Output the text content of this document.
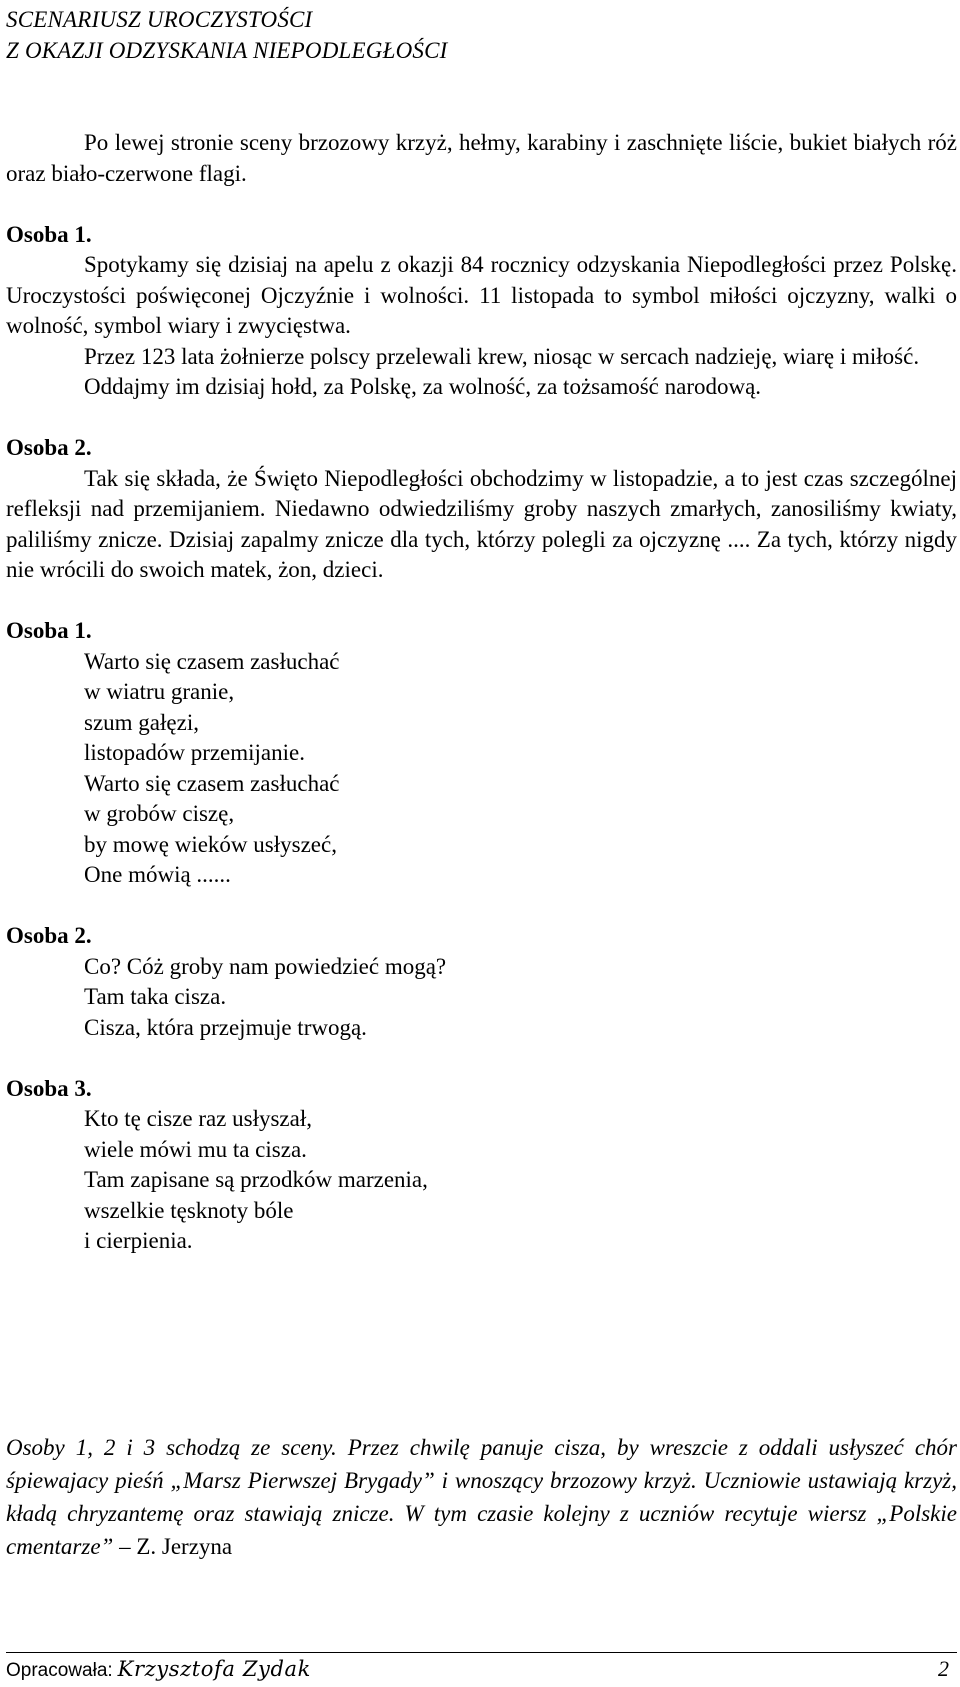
SCENARIUSZ UROCZYSTOŚCI
Z OKAZJI ODZYSKANIA NIEPODLEGŁOŚCI

Po lewej stronie sceny brzozowy krzyż, hełmy, karabiny i zaschnięte liście, bukiet białych róż oraz biało-czerwone flagi.

Osoba 1.

Spotykamy się dzisiaj na apelu z okazji 84 rocznicy odzyskania Niepodległości przez Polskę. Uroczystości poświęconej Ojczyźnie i wolności. 11 listopada to symbol miłości ojczyzny, walki o wolność, symbol wiary i zwycięstwa.

Przez 123 lata żołnierze polscy przelewali krew, niosąc w sercach nadzieję, wiarę i miłość.

Oddajmy im dzisiaj hołd, za Polskę, za wolność, za tożsamość narodową.

Osoba 2.

Tak się składa, że Święto Niepodległości obchodzimy w listopadzie, a to jest czas szczególnej refleksji nad przemijaniem. Niedawno odwiedziliśmy groby naszych zmarłych, zanosiliśmy kwiaty, paliliśmy znicze. Dzisiaj zapalmy znicze dla tych, którzy polegli za ojczyznę .... Za tych, którzy nigdy nie wrócili do swoich matek, żon, dzieci.

Osoba 1.

Warto się czasem zasłuchać
w wiatru granie,
szum gałęzi,
listopadów przemijanie.
Warto się czasem zasłuchać
w grobów ciszę,
by mowę wieków usłyszeć,
One mówią ......

Osoba 2.

Co? Cóż groby nam powiedzieć mogą?
Tam taka cisza.
Cisza, która przejmuje trwogą.

Osoba 3.

Kto tę cisze raz usłyszał,
wiele mówi mu ta cisza.
Tam zapisane są przodków marzenia,
wszelkie tęsknoty bóle
i cierpienia.
Osoby 1, 2 i 3 schodzą ze sceny. Przez chwilę panuje cisza, by wreszcie z oddali usłyszeć chór śpiewajacy pieśń „Marsz Pierwszej Brygady” i wnoszący brzozowy krzyż. Uczniowie ustawiają krzyż, kładą chryzantemę oraz stawiają znicze. W tym czasie kolejny z uczniów recytuje wiersz „Polskie cmentarze” – Z. Jerzyna
Opracowała: Krzysztofa Zydak	2
